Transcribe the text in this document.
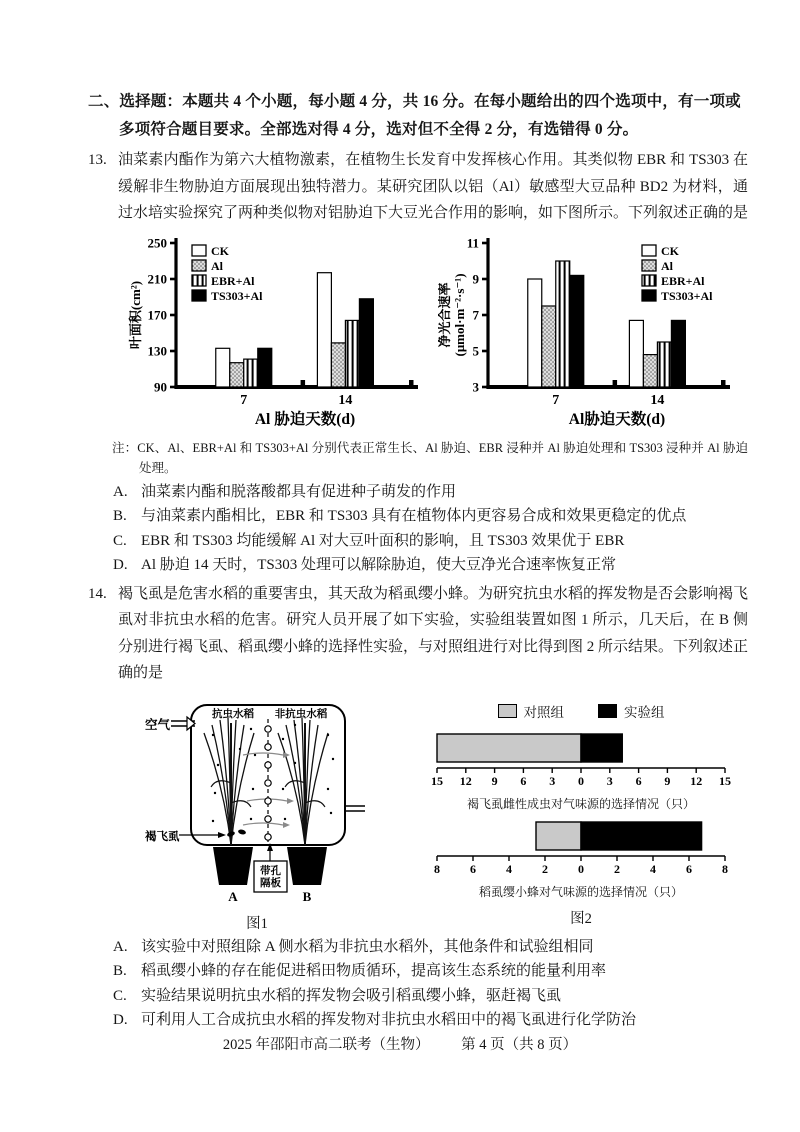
二、选择题：本题共 4 个小题，每小题 4 分，共 16 分。在每小题给出的四个选项中，有一项或多项符合题目要求。全部选对得 4 分，选对但不全得 2 分，有选错得 0 分。
13. 油菜素内酯作为第六大植物激素，在植物生长发育中发挥核心作用。其类似物 EBR 和 TS303 在缓解非生物胁迫方面展现出独特潜力。某研究团队以铝（Al）敏感型大豆品种 BD2 为材料，通过水培实验探究了两种类似物对铝胁迫下大豆光合作用的影响，如下图所示。下列叙述正确的是

90
130
170
210
250
7	14
Al 胁迫天数(d)
叶面积(cm²)
CK
Al
EBR+Al
TS303+Al
3
5
7
9
11
7	14
Al胁迫天数(d)
净光合速率 (μmol·m⁻²·s⁻¹)
CK
Al
EBR+Al
TS303+Al
注：CK、Al、EBR+Al 和 TS303+Al 分别代表正常生长、Al 胁迫、EBR 浸种并 Al 胁迫处理和 TS303 浸种并 Al 胁迫处理。
A. 油菜素内酯和脱落酸都具有促进种子萌发的作用
B. 与油菜素内酯相比，EBR 和 TS303 具有在植物体内更容易合成和效果更稳定的优点
C. EBR 和 TS303 均能缓解 Al 对大豆叶面积的影响，且 TS303 效果优于 EBR
D. Al 胁迫 14 天时，TS303 处理可以解除胁迫，使大豆净光合速率恢复正常
14. 褐飞虱是危害水稻的重要害虫，其天敌为稻虱缨小蜂。为研究抗虫水稻的挥发物是否会影响褐飞虱对非抗虫水稻的危害。研究人员开展了如下实验，实验组装置如图 1 所示，几天后，在 B 侧分别进行褐飞虱、稻虱缨小蜂的选择性实验，与对照组进行对比得到图 2 所示结果。下列叙述正确的是

空气
抗虫水稻 非抗虫水稻
褐飞虱
带孔
隔板
A	B
图1
对照组	实验组
15 12 9 6 3 0 3 6 9 12 15
褐飞虱雌性成虫对气味源的选择情况（只）
8	6	4	2	0	2	4	6	8
稻虱缨小蜂对气味源的选择情况（只）
图2
A. 该实验中对照组除 A 侧水稻为非抗虫水稻外，其他条件和试验组相同
B. 稻虱缨小蜂的存在能促进稻田物质循环，提高该生态系统的能量利用率
C. 实验结果说明抗虫水稻的挥发物会吸引稻虱缨小蜂，驱赶褐飞虱
D. 可利用人工合成抗虫水稻的挥发物对非抗虫水稻田中的褐飞虱进行化学防治
2025 年邵阳市高二联考（生物） 第 4 页（共 8 页）
